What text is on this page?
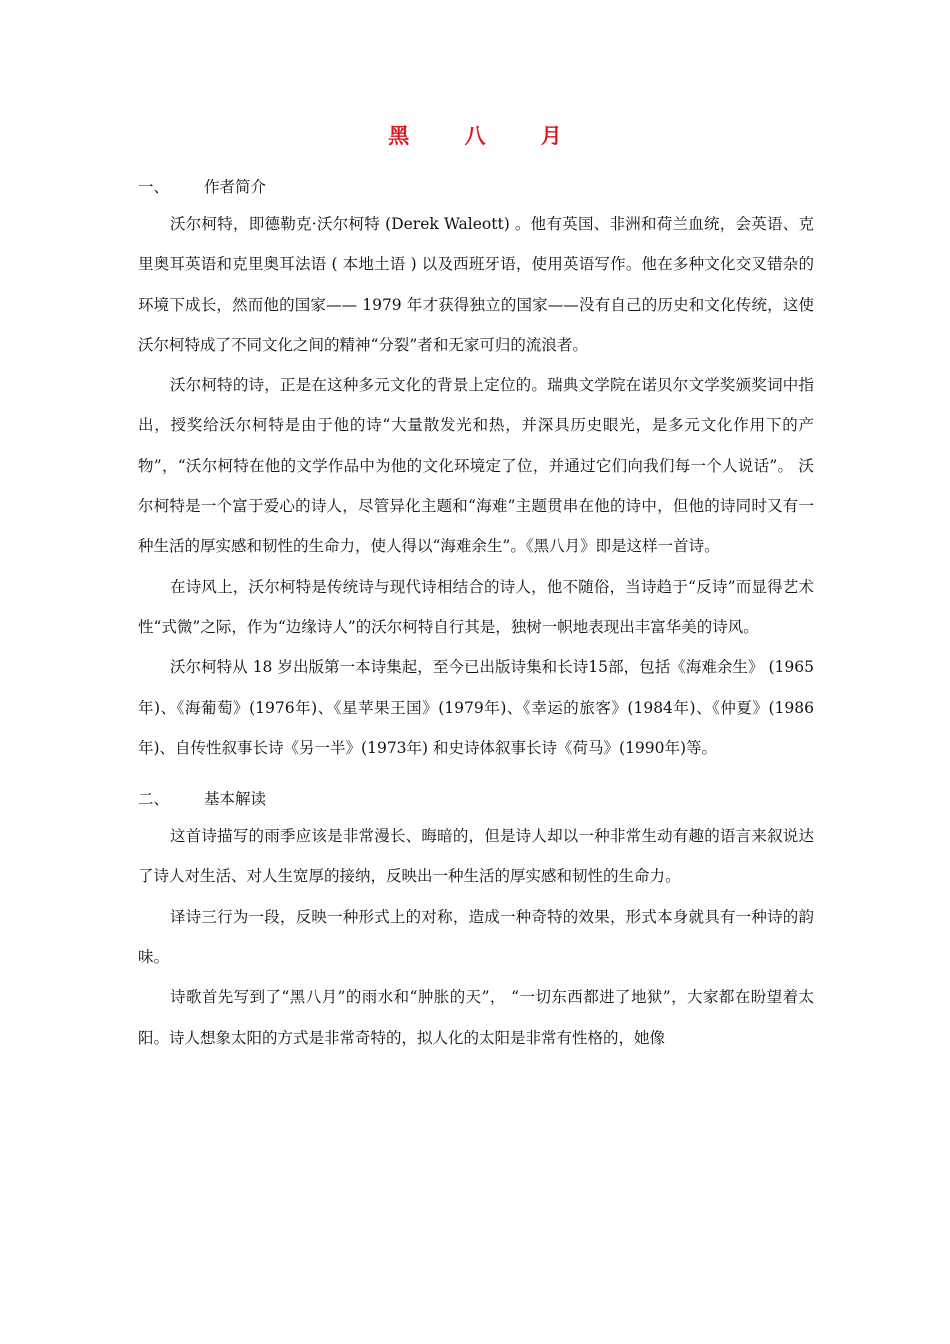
黑 八 月
一、 作者简介

沃尔柯特，即德勒克·沃尔柯特 (Derek Waleott) 。他有英国、非洲和荷兰血统，会英语、克里奥耳英语和克里奥耳法语 ( 本地土语 ) 以及西班牙语，使用英语写作。他在多种文化交叉错杂的环境下成长，然而他的国家—— 1979 年才获得独立的国家——没有自己的历史和文化传统，这使沃尔柯特成了不同文化之间的精神“分裂”者和无家可归的流浪者。

沃尔柯特的诗，正是在这种多元文化的背景上定位的。瑞典文学院在诺贝尔文学奖颁奖词中指出，授奖给沃尔柯特是由于他的诗“大量散发光和热，并深具历史眼光，是多元文化作用下的产物”，“沃尔柯特在他的文学作品中为他的文化环境定了位，并通过它们向我们每一个人说话”。 沃尔柯特是一个富于爱心的诗人，尽管异化主题和“海难”主题贯串在他的诗中，但他的诗同时又有一种生活的厚实感和韧性的生命力，使人得以“海难余生”。《黑八月》即是这样一首诗。

在诗风上，沃尔柯特是传统诗与现代诗相结合的诗人，他不随俗，当诗趋于“反诗”而显得艺术性“式微”之际，作为“边缘诗人”的沃尔柯特自行其是，独树一帜地表现出丰富华美的诗风。

沃尔柯特从 18 岁出版第一本诗集起，至今已出版诗集和长诗15部，包括《海难余生》 (1965 年)、《海葡萄》(1976年)、《星苹果王国》(1979年)、《幸运的旅客》(1984年)、《仲夏》(1986年)、自传性叙事长诗《另一半》(1973年) 和史诗体叙事长诗《荷马》(1990年)等。

二、 基本解读

这首诗描写的雨季应该是非常漫长、晦暗的，但是诗人却以一种非常生动有趣的语言来叙说达了诗人对生活、对人生宽厚的接纳，反映出一种生活的厚实感和韧性的生命力。

译诗三行为一段，反映一种形式上的对称，造成一种奇特的效果，形式本身就具有一种诗的韵味。

诗歌首先写到了“黑八月”的雨水和“肿胀的天”， “一切东西都进了地狱”，大家都在盼望着太阳。诗人想象太阳的方式是非常奇特的，拟人化的太阳是非常有性格的，她像
